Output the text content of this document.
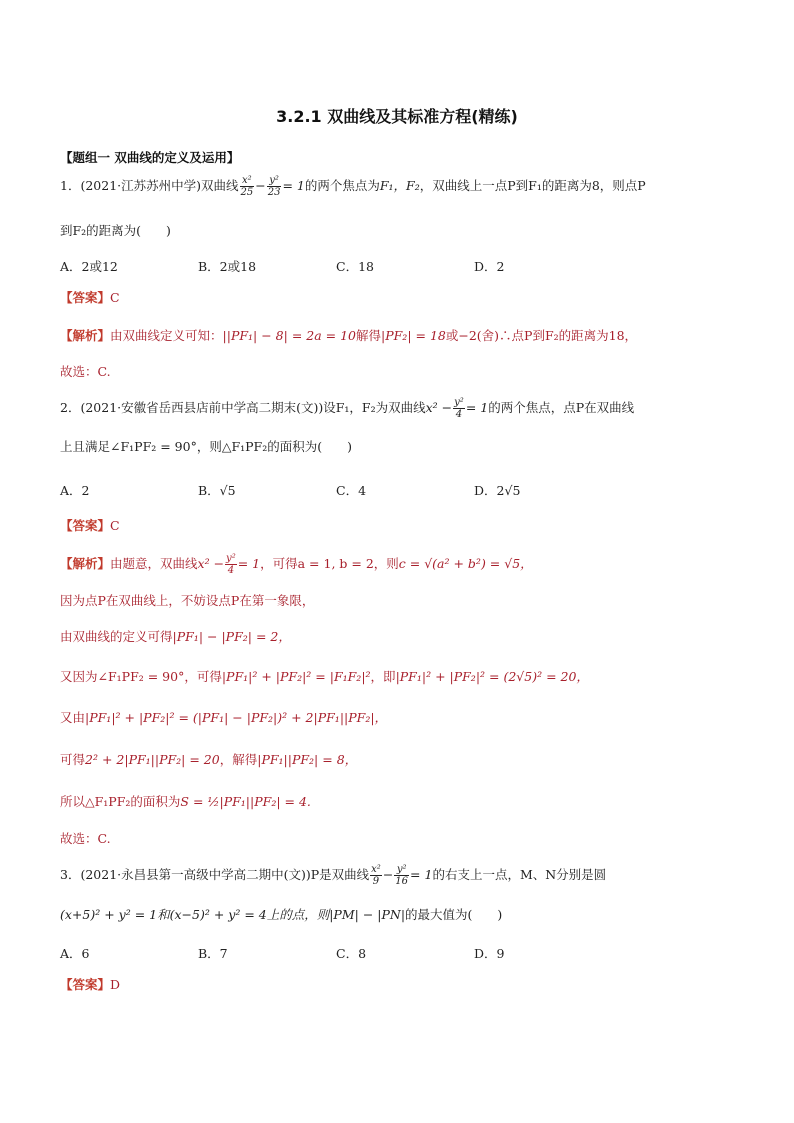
3.2.1 双曲线及其标准方程(精练)
【题组一 双曲线的定义及运用】
1．(2021·江苏苏州中学)双曲线 $\frac{\text{x²}}{25} - \frac{\text{y²}}{23} = 1$的两个焦点为F₁，F₂，双曲线上一点P到F₁的距离为8，则点P
到F₂的距离为(　　)
A．2或12	B．2或18	C．18	D．2
【答案】C
【解析】由双曲线定义可知：||PF₁| − 8| = 2a = 10解得|PF₂| = 18或−2(舍)∴点P到F₂的距离为18，
故选：C.
2．(2021·安徽省岳西县店前中学高二期末(文))设F₁，F₂为双曲线$x^2 - \frac{\text{y²}}{4} = 1$的两个焦点，点P在双曲线
上且满足∠F₁PF₂ = 90°，则△F₁PF₂的面积为(　　)
A．2	B．√5	C．4	D．2√5
【答案】C
【解析】由题意，双曲线$x^2 - \frac{\text{y²}}{4} = 1$，可得a = 1, b = 2，则c = √(a² + b²) = √5，
因为点P在双曲线上，不妨设点P在第一象限，
由双曲线的定义可得|PF₁| − |PF₂| = 2，
又因为∠F₁PF₂ = 90°，可得|PF₁|² + |PF₂|² = |F₁F₂|²，即|PF₁|² + |PF₂|² = (2√5)² = 20，
又由|PF₁|² + |PF₂|² = (|PF₁| − |PF₂|)² + 2|PF₁||PF₂|，
可得2² + 2|PF₁||PF₂| = 20，解得|PF₁||PF₂| = 8，
所以△F₁PF₂的面积为S = ½|PF₁||PF₂| = 4.
故选：C.
3．(2021·永昌县第一高级中学高二期中(文))P是双曲线 $\frac{\text{x²}}{9} - \frac{\text{y²}}{16} = 1$的右支上一点，M、N分别是圆
(x+5)² + y² = 1和(x−5)² + y² = 4上的点，则|PM| − |PN|的最大值为(　　)
A．6	B．7	C．8	D．9
【答案】D
